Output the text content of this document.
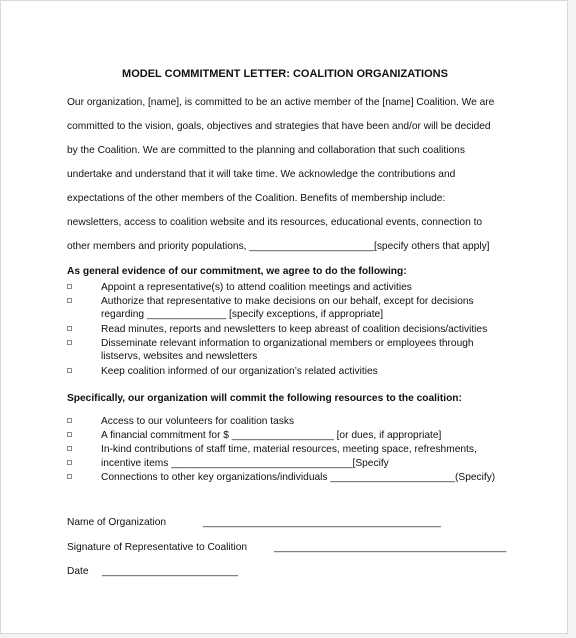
MODEL COMMITMENT LETTER: COALITION ORGANIZATIONS
Our organization, [name], is committed to be an active member of the [name] Coalition. We are
committed to the vision, goals, objectives and strategies that have been and/or will be decided
by the Coalition. We are committed to the planning and collaboration that such coalitions
undertake and understand that it will take time. We acknowledge the contributions and
expectations of the other members of the Coalition. Benefits of membership include:
newsletters, access to coalition website and its resources, educational events, connection to
other members and priority populations, ______________________[specify others that apply]
As general evidence of our commitment, we agree to do the following:
Appoint a representative(s) to attend coalition meetings and activities
Authorize that representative to make decisions on our behalf, except for decisions
regarding ______________ [specify exceptions, if appropriate]
Read minutes, reports and newsletters to keep abreast of coalition decisions/activities
Disseminate relevant information to organizational members or employees through
listservs, websites and newsletters
Keep coalition informed of our organization’s related activities
Specifically, our organization will commit the following resources to the coalition:
Access to our volunteers for coalition tasks
A financial commitment for $ __________________ [or dues, if appropriate]
In-kind contributions of staff time, material resources, meeting space, refreshments,
incentive items ________________________________[Specify
Connections to other key organizations/individuals ______________________(Specify)
Name of Organization	__________________________________________
Signature of Representative to Coalition	_________________________________________
Date ________________________
